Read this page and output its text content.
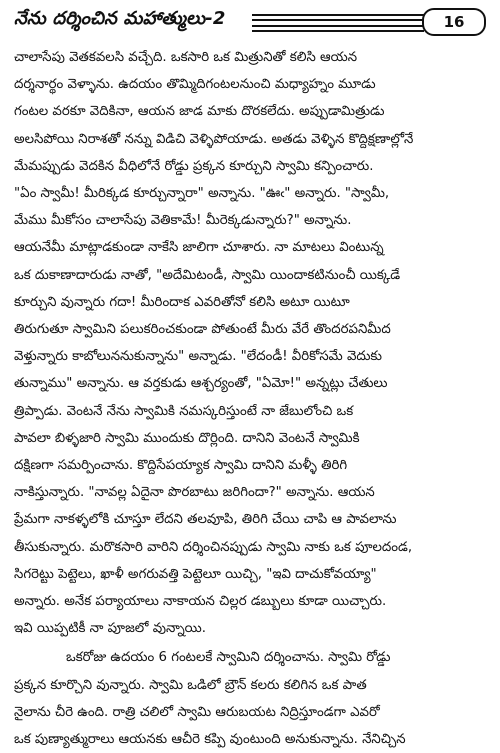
నేను దర్శించిన మహాత్ములు-2	16

చాలాసేపు వెతకవలసి వచ్చేది. ఒకసారి ఒక మిత్రునితో కలిసి ఆయన
దర్శనార్థం వెళ్ళాను. ఉదయం తొమ్మిదిగంటలనుంచి మధ్యాహ్నం మూడు
గంటల వరకూ వెదికినా, ఆయన జాడ మాకు దొరకలేదు. అప్పుడామిత్రుడు
అలసిపోయి నిరాశతో నన్ను విడిచి వెళ్ళిపోయాడు. అతడు వెళ్ళిన కొద్దిక్షణాల్లోనే
మేమప్పుడు వెదకిన వీధిలోనే రోడ్డు ప్రక్కన కూర్చుని స్వామి కన్పించారు.
"ఏం స్వామీ! మీరిక్కడ కూర్చున్నారా" అన్నాను. "ఊఁ" అన్నారు. "స్వామీ,
మేము మీకోసం చాలాసేపు వెతికామే! మీరెక్కడున్నారు?" అన్నాను.
ఆయనేమీ మాట్లాడకుండా నాకేసి జాలిగా చూశారు. నా మాటలు వింటున్న
ఒక దుకాణాదారుడు నాతో, "అదేమిటండీ, స్వామి యిందాకటినుంచీ యిక్కడే
కూర్చుని వున్నారు గదా! మీరిందాక ఎవరితోనో కలిసి అటూ యిటూ
తిరుగుతూ స్వామిని పలుకరించకుండా పోతుంటే మీరు వేరే తొందరపనిమీద
వెళ్తున్నారు కాబోలుననుకున్నాను" అన్నాడు. "లేదండీ! వీరికోసమే వెదుకు
తున్నాము" అన్నాను. ఆ వర్తకుడు ఆశ్చర్యంతో, "ఏమో!" అన్నట్లు చేతులు
త్రిప్పాడు. వెంటనే నేను స్వామికి నమస్కరిస్తుంటే నా జేబులోంచి ఒక
పావలా బిళ్ళజారి స్వామి ముందుకు దొర్లింది. దానిని వెంటనే స్వామికి
దక్షిణగా సమర్పించాను. కొద్దిసేపయ్యాక స్వామి దానిని మళ్ళీ తిరిగి
నాకిస్తున్నారు. "నావల్ల ఏదైనా పొరబాటు జరిగిందా?" అన్నాను. ఆయన
ప్రేమగా నాకళ్ళలోకి చూస్తూ లేదని తలవూపి, తిరిగి చేయి చాపి ఆ పావలాను
తీసుకున్నారు. మరొకసారి వారిని దర్శించినప్పుడు స్వామి నాకు ఒక పూలదండ,
సిగరెట్టు పెట్టెలు, ఖాళీ అగరువత్తి పెట్టెలూ యిచ్చి, "ఇవి దాచుకోవయ్యా"
అన్నారు. అనేక పర్యాయాలు నాకాయన చిల్లర డబ్బులు కూడా యిచ్చారు.
ఇవి యిప్పటికీ నా పూజలో వున్నాయి.

ఒకరోజు ఉదయం 6 గంటలకే స్వామిని దర్శించాను. స్వామి రోడ్డు
ప్రక్కన కూర్చొని వున్నారు. స్వామి ఒడిలో బ్రౌన్ కలరు కలిగిన ఒక పాత
నైలాను చీరె ఉంది. రాత్రి చలిలో స్వామి ఆరుబయట నిద్రిస్తూండగా ఎవరో
ఒక పుణ్యాత్మురాలు ఆయనకు ఆచీరె కప్పి వుంటుంది అనుకున్నాను. నేనిచ్చిన
